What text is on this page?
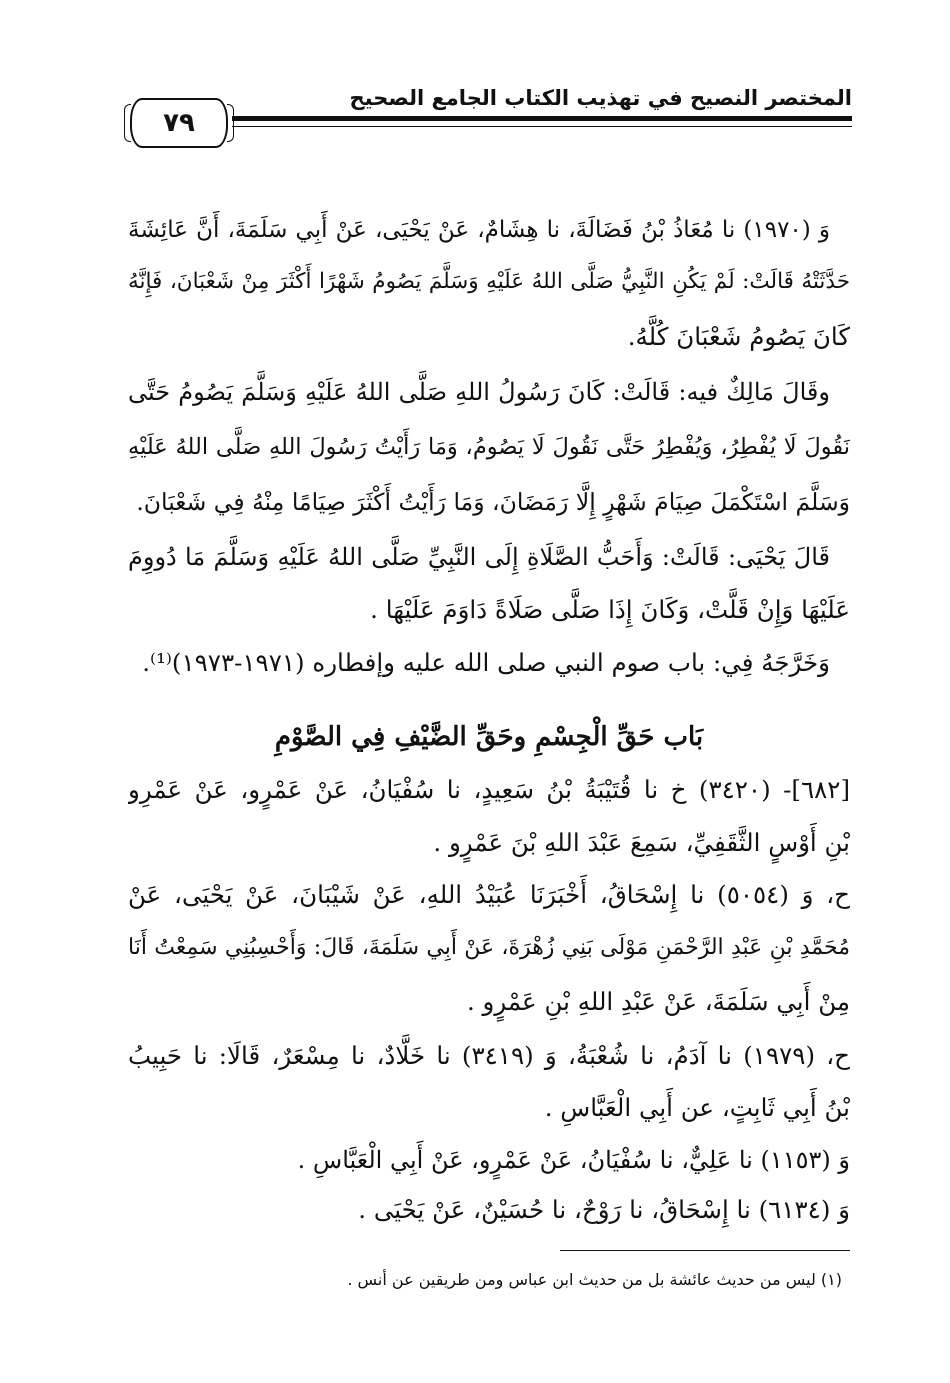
المختصر النصيح في تهذيب الكتاب الجامع الصحيح
٧٩
وَ (١٩٧٠) نا مُعَاذُ بْنُ فَضَالَةَ، نا هِشَامٌ، عَنْ يَحْيَى، عَنْ أَبِي سَلَمَةَ، أَنَّ عَائِشَةَ
حَدَّثَتْهُ قَالَتْ: لَمْ يَكُنِ النَّبِيُّ صَلَّى اللهُ عَلَيْهِ وَسَلَّمَ يَصُومُ شَهْرًا أَكْثَرَ مِنْ شَعْبَانَ، فَإِنَّهُ
كَانَ يَصُومُ شَعْبَانَ كُلَّهُ.
وقَالَ مَالِكٌ فيه: قَالَتْ: كَانَ رَسُولُ اللهِ صَلَّى اللهُ عَلَيْهِ وَسَلَّمَ يَصُومُ حَتَّى
نَقُولَ لَا يُفْطِرُ، وَيُفْطِرُ حَتَّى نَقُولَ لَا يَصُومُ، وَمَا رَأَيْتُ رَسُولَ اللهِ صَلَّى اللهُ عَلَيْهِ
وَسَلَّمَ اسْتَكْمَلَ صِيَامَ شَهْرٍ إِلَّا رَمَضَانَ، وَمَا رَأَيْتُ أَكْثَرَ صِيَامًا مِنْهُ فِي شَعْبَانَ.
قَالَ يَحْيَى: قَالَتْ: وَأَحَبُّ الصَّلَاةِ إِلَى النَّبِيِّ صَلَّى اللهُ عَلَيْهِ وَسَلَّمَ مَا دُووِمَ
عَلَيْهَا وَإِنْ قَلَّتْ، وَكَانَ إِذَا صَلَّى صَلَاةً دَاوَمَ عَلَيْهَا .
وَخَرَّجَهُ فِي: باب صوم النبي صلى الله عليه وإفطاره (١٩٧١-١٩٧٣)⁽¹⁾.
بَاب حَقِّ الْجِسْمِ وحَقِّ الضَّيْفِ فِي الصَّوْمِ
[٦٨٢]- (٣٤٢٠) خ نا قُتَيْبَةُ بْنُ سَعِيدٍ، نا سُفْيَانُ، عَنْ عَمْرٍو، عَنْ عَمْرِو
بْنِ أَوْسٍ الثَّقَفِيِّ، سَمِعَ عَبْدَ اللهِ بْنَ عَمْرٍو .
ح، وَ (٥٠٥٤) نا إِسْحَاقُ، أَخْبَرَنَا عُبَيْدُ اللهِ، عَنْ شَيْبَانَ، عَنْ يَحْيَى، عَنْ
مُحَمَّدِ بْنِ عَبْدِ الرَّحْمَنِ مَوْلَى بَنِي زُهْرَةَ، عَنْ أَبِي سَلَمَةَ، قَالَ: وَأَحْسِبُنِي سَمِعْتُ أَنَا
مِنْ أَبِي سَلَمَةَ، عَنْ عَبْدِ اللهِ بْنِ عَمْرٍو .
ح، (١٩٧٩) نا آدَمُ، نا شُعْبَةُ، وَ (٣٤١٩) نا خَلَّادٌ، نا مِسْعَرٌ، قَالَا: نا حَبِيبُ
بْنُ أَبِي ثَابِتٍ، عن أَبِي الْعَبَّاسِ .
وَ (١١٥٣) نا عَلِيٌّ، نا سُفْيَانُ، عَنْ عَمْرٍو، عَنْ أَبِي الْعَبَّاسِ .
وَ (٦١٣٤) نا إِسْحَاقُ، نا رَوْحٌ، نا حُسَيْنٌ، عَنْ يَحْيَى .
(١) ليس من حديث عائشة بل من حديث ابن عباس ومن طريقين عن أنس .
